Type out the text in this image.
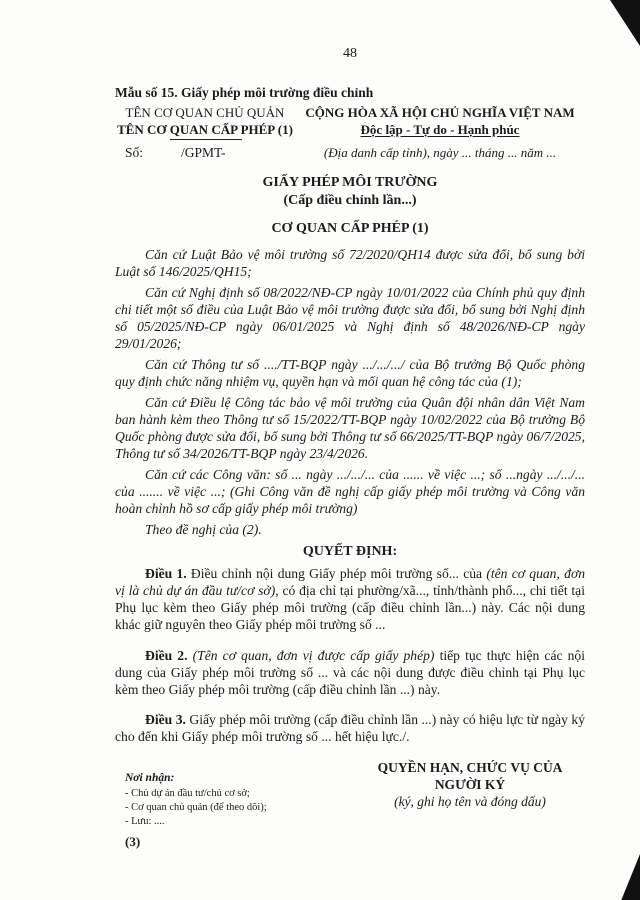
48
Mẫu số 15. Giấy phép môi trường điều chỉnh
TÊN CƠ QUAN CHỦ QUẢN	CỘNG HÒA XÃ HỘI CHỦ NGHĨA VIỆT NAM
TÊN CƠ QUAN CẤP PHÉP (1)	Độc lập - Tự do - Hạnh phúc
Số:	/GPMT-	(Địa danh cấp tỉnh), ngày ... tháng ... năm ...
GIẤY PHÉP MÔI TRƯỜNG
(Cấp điều chỉnh lần...)
CƠ QUAN CẤP PHÉP (1)

Căn cứ Luật Bảo vệ môi trường số 72/2020/QH14 được sửa đổi, bổ sung bởi Luật số 146/2025/QH15;

Căn cứ Nghị định số 08/2022/NĐ-CP ngày 10/01/2022 của Chính phủ quy định chi tiết một số điều của Luật Bảo vệ môi trường được sửa đổi, bổ sung bởi Nghị định số 05/2025/NĐ-CP ngày 06/01/2025 và Nghị định số 48/2026/NĐ-CP ngày 29/01/2026;

Căn cứ Thông tư số ..../TT-BQP ngày .../.../.../ của Bộ trưởng Bộ Quốc phòng quy định chức năng nhiệm vụ, quyền hạn và mối quan hệ công tác của (1);

Căn cứ Điều lệ Công tác bảo vệ môi trường của Quân đội nhân dân Việt Nam ban hành kèm theo Thông tư số 15/2022/TT-BQP ngày 10/02/2022 của Bộ trưởng Bộ Quốc phòng được sửa đổi, bổ sung bởi Thông tư số 66/2025/TT-BQP ngày 06/7/2025, Thông tư số 34/2026/TT-BQP ngày 23/4/2026.

Căn cứ các Công văn: số ... ngày .../.../... của ...... về việc ...; số ...ngày .../.../... của ....... về việc ...; (Ghi Công văn đề nghị cấp giấy phép môi trường và Công văn hoàn chỉnh hồ sơ cấp giấy phép môi trường)

Theo đề nghị của (2).

QUYẾT ĐỊNH:

Điều 1. Điều chỉnh nội dung Giấy phép môi trường số... của (tên cơ quan, đơn vị là chủ dự án đầu tư/cơ sở), có địa chỉ tại phường/xã..., tỉnh/thành phố..., chi tiết tại Phụ lục kèm theo Giấy phép môi trường (cấp điều chỉnh lần...) này. Các nội dung khác giữ nguyên theo Giấy phép môi trường số ...

Điều 2. (Tên cơ quan, đơn vị được cấp giấy phép) tiếp tục thực hiện các nội dung của Giấy phép môi trường số ... và các nội dung được điều chỉnh tại Phụ lục kèm theo Giấy phép môi trường (cấp điều chỉnh lần ...) này.

Điều 3. Giấy phép môi trường (cấp điều chỉnh lần ...) này có hiệu lực từ ngày ký cho đến khi Giấy phép môi trường số ... hết hiệu lực./.

Nơi nhận:
- Chủ dự án đầu tư/chủ cơ sở;
- Cơ quan chủ quản (để theo dõi);
- Lưu: ....
QUYỀN HẠN, CHỨC VỤ CỦA
NGƯỜI KÝ
(ký, ghi họ tên và đóng dấu)
(3)
